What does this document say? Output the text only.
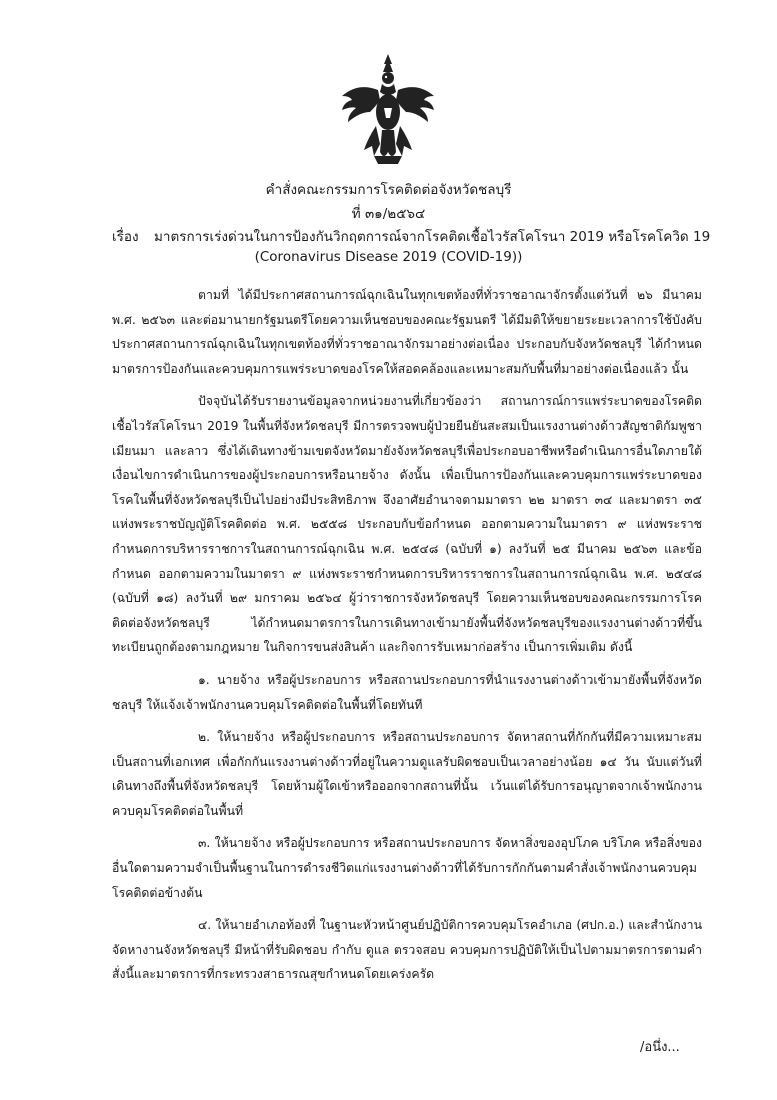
คำสั่งคณะกรรมการโรคติดต่อจังหวัดชลบุรี
ที่ ๓๑/๒๕๖๔
เรื่อง มาตรการเร่งด่วนในการป้องกันวิกฤตการณ์จากโรคติดเชื้อไวรัสโคโรนา 2019 หรือโรคโควิด 19
(Coronavirus Disease 2019 (COVID-19))

ตามที่ ได้มีประกาศสถานการณ์ฉุกเฉินในทุกเขตท้องที่ทั่วราชอาณาจักรตั้งแต่วันที่ ๒๖ มีนาคม พ.ศ. ๒๕๖๓ และต่อมานายกรัฐมนตรีโดยความเห็นชอบของคณะรัฐมนตรี ได้มีมติให้ขยายระยะเวลาการใช้บังคับประกาศสถานการณ์ฉุกเฉินในทุกเขตท้องที่ทั่วราชอาณาจักรมาอย่างต่อเนื่อง ประกอบกับจังหวัดชลบุรี ได้กำหนดมาตรการป้องกันและควบคุมการแพร่ระบาดของโรคให้สอดคล้องและเหมาะสมกับพื้นที่มาอย่างต่อเนื่องแล้ว นั้น

ปัจจุบันได้รับรายงานข้อมูลจากหน่วยงานที่เกี่ยวข้องว่า สถานการณ์การแพร่ระบาดของโรคติดเชื้อไวรัสโคโรนา 2019 ในพื้นที่จังหวัดชลบุรี มีการตรวจพบผู้ป่วยยืนยันสะสมเป็นแรงงานต่างด้าวสัญชาติกัมพูชา เมียนมา และลาว ซึ่งได้เดินทางข้ามเขตจังหวัดมายังจังหวัดชลบุรีเพื่อประกอบอาชีพหรือดำเนินการอื่นใดภายใต้เงื่อนไขการดำเนินการของผู้ประกอบการหรือนายจ้าง ดังนั้น เพื่อเป็นการป้องกันและควบคุมการแพร่ระบาดของโรคในพื้นที่จังหวัดชลบุรีเป็นไปอย่างมีประสิทธิภาพ จึงอาศัยอำนาจตามมาตรา ๒๒ มาตรา ๓๔ และมาตรา ๓๕ แห่งพระราชบัญญัติโรคติดต่อ พ.ศ. ๒๕๕๘ ประกอบกับข้อกำหนด ออกตามความในมาตรา ๙ แห่งพระราชกำหนดการบริหารราชการในสถานการณ์ฉุกเฉิน พ.ศ. ๒๕๔๘ (ฉบับที่ ๑) ลงวันที่ ๒๕ มีนาคม ๒๕๖๓ และข้อกำหนด ออกตามความในมาตรา ๙ แห่งพระราชกำหนดการบริหารราชการในสถานการณ์ฉุกเฉิน พ.ศ. ๒๕๔๘ (ฉบับที่ ๑๘) ลงวันที่ ๒๙ มกราคม ๒๕๖๔ ผู้ว่าราชการจังหวัดชลบุรี โดยความเห็นชอบของคณะกรรมการโรคติดต่อจังหวัดชลบุรี ได้กำหนดมาตรการในการเดินทางเข้ามายังพื้นที่จังหวัดชลบุรีของแรงงานต่างด้าวที่ขึ้นทะเบียนถูกต้องตามกฎหมาย ในกิจการขนส่งสินค้า และกิจการรับเหมาก่อสร้าง เป็นการเพิ่มเติม ดังนี้

๑. นายจ้าง หรือผู้ประกอบการ หรือสถานประกอบการที่นำแรงงานต่างด้าวเข้ามายังพื้นที่จังหวัดชลบุรี ให้แจ้งเจ้าพนักงานควบคุมโรคติดต่อในพื้นที่โดยทันที

๒. ให้นายจ้าง หรือผู้ประกอบการ หรือสถานประกอบการ จัดหาสถานที่กักกันที่มีความเหมาะสมเป็นสถานที่เอกเทศ เพื่อกักกันแรงงานต่างด้าวที่อยู่ในความดูแลรับผิดชอบเป็นเวลาอย่างน้อย ๑๔ วัน นับแต่วันที่เดินทางถึงพื้นที่จังหวัดชลบุรี โดยห้ามผู้ใดเข้าหรือออกจากสถานที่นั้น เว้นแต่ได้รับการอนุญาตจากเจ้าพนักงานควบคุมโรคติดต่อในพื้นที่

๓. ให้นายจ้าง หรือผู้ประกอบการ หรือสถานประกอบการ จัดหาสิ่งของอุปโภค บริโภค หรือสิ่งของอื่นใดตามความจำเป็นพื้นฐานในการดำรงชีวิตแก่แรงงานต่างด้าวที่ได้รับการกักกันตามคำสั่งเจ้าพนักงานควบคุมโรคติดต่อข้างต้น

๔. ให้นายอำเภอท้องที่ ในฐานะหัวหน้าศูนย์ปฏิบัติการควบคุมโรคอำเภอ (ศปก.อ.) และสำนักงานจัดหางานจังหวัดชลบุรี มีหน้าที่รับผิดชอบ กำกับ ดูแล ตรวจสอบ ควบคุมการปฏิบัติให้เป็นไปตามมาตรการตามคำสั่งนี้และมาตรการที่กระทรวงสาธารณสุขกำหนดโดยเคร่งครัด

/อนึ่ง...
